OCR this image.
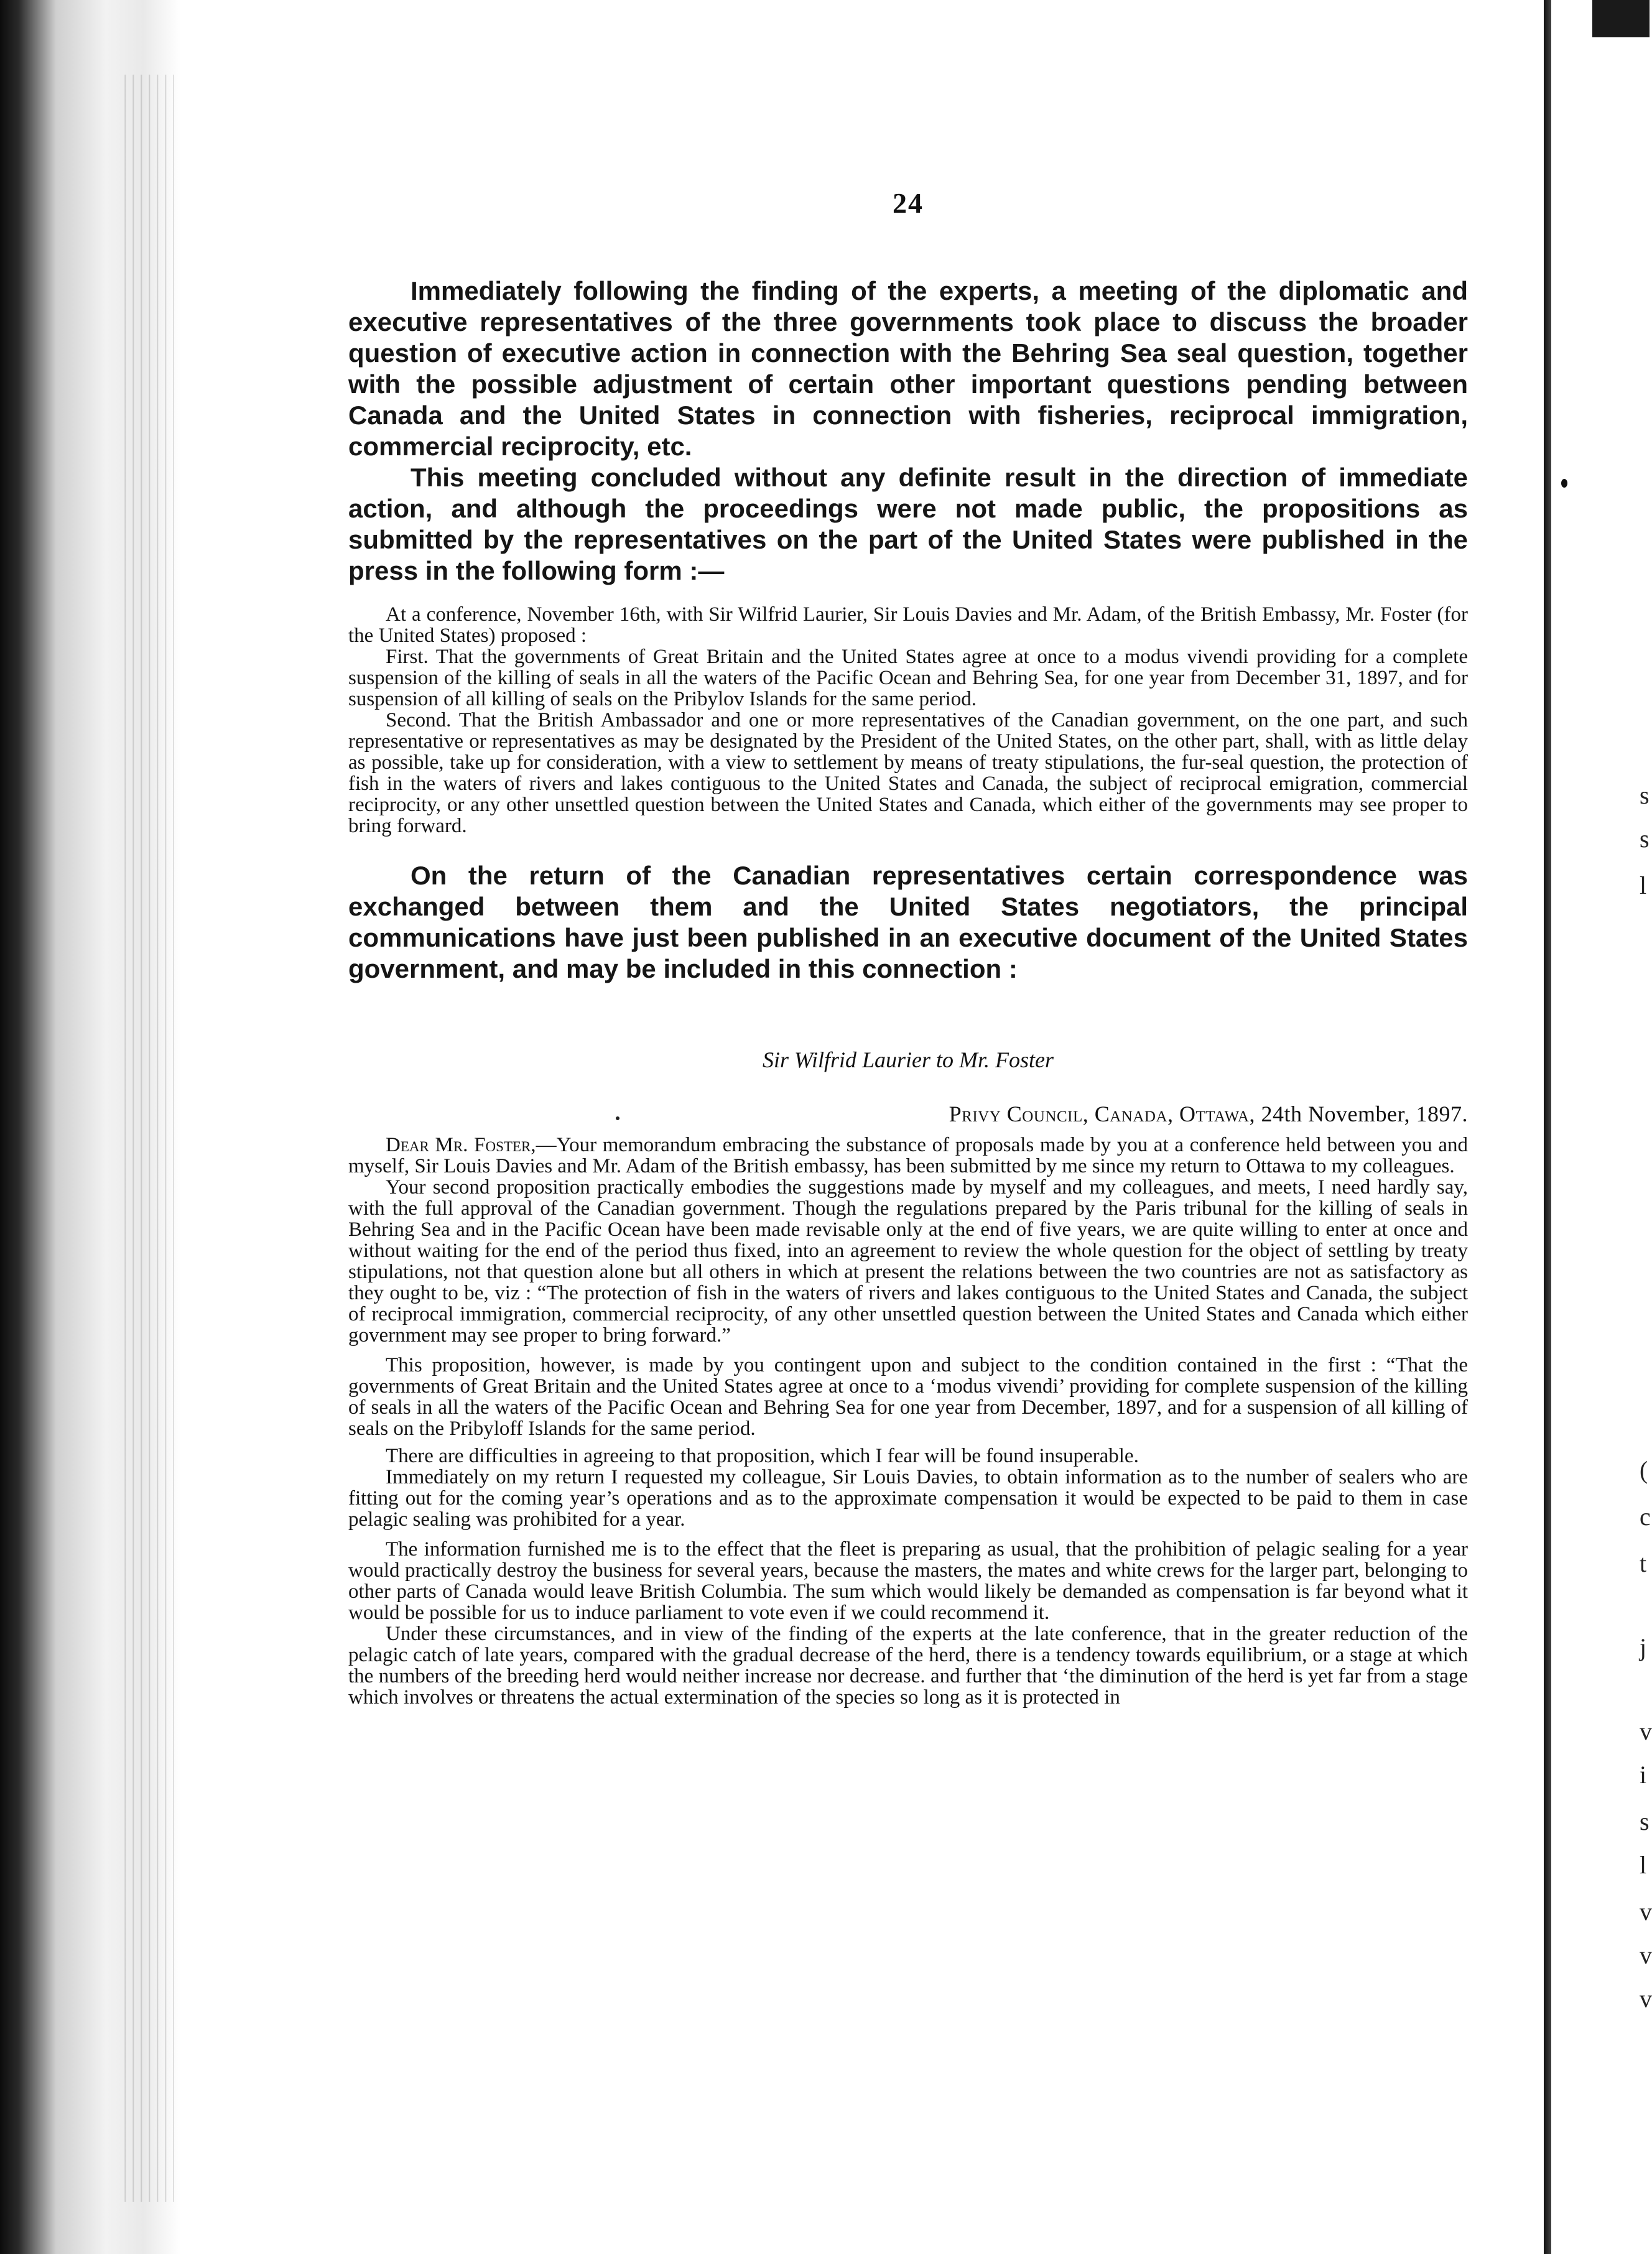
s
s
l
(
c
t
j
v
i
s
l
v
v
v
24

Immediately following the finding of the experts, a meeting of the diplomatic and executive representatives of the three governments took place to discuss the broader question of executive action in connection with the Behring Sea seal question, together with the possible adjustment of certain other important questions pending between Canada and the United States in connection with fisheries, reciprocal immigration, commercial reciprocity, etc.

This meeting concluded without any definite result in the direction of immediate action, and although the proceedings were not made public, the propositions as submitted by the representatives on the part of the United States were published in the press in the following form :—

At a conference, November 16th, with Sir Wilfrid Laurier, Sir Louis Davies and Mr. Adam, of the British Embassy, Mr. Foster (for the United States) proposed :

First. That the governments of Great Britain and the United States agree at once to a modus vivendi providing for a complete suspension of the killing of seals in all the waters of the Pacific Ocean and Behring Sea, for one year from December 31, 1897, and for suspension of all killing of seals on the Pribylov Islands for the same period.

Second. That the British Ambassador and one or more representatives of the Canadian government, on the one part, and such representative or representatives as may be designated by the President of the United States, on the other part, shall, with as little delay as possible, take up for consideration, with a view to settlement by means of treaty stipulations, the fur-seal question, the protection of fish in the waters of rivers and lakes contiguous to the United States and Canada, the subject of reciprocal emigration, commercial reciprocity, or any other unsettled question between the United States and Canada, which either of the governments may see proper to bring forward.

On the return of the Canadian representatives certain correspondence was exchanged between them and the United States negotiators, the principal communications have just been published in an executive document of the United States government, and may be included in this connection :

Sir Wilfrid Laurier to Mr. Foster
Privy Council, Canada, Ottawa, 24th November, 1897.

Dear Mr. Foster,—Your memorandum embracing the substance of proposals made by you at a conference held between you and myself, Sir Louis Davies and Mr. Adam of the British embassy, has been submitted by me since my return to Ottawa to my colleagues.

Your second proposition practically embodies the suggestions made by myself and my colleagues, and meets, I need hardly say, with the full approval of the Canadian government. Though the regulations prepared by the Paris tribunal for the killing of seals in Behring Sea and in the Pacific Ocean have been made revisable only at the end of five years, we are quite willing to enter at once and without waiting for the end of the period thus fixed, into an agreement to review the whole question for the object of settling by treaty stipulations, not that question alone but all others in which at present the relations between the two countries are not as satisfactory as they ought to be, viz : “The protection of fish in the waters of rivers and lakes contiguous to the United States and Canada, the subject of reciprocal immigration, commercial reciprocity, of any other unsettled question between the United States and Canada which either government may see proper to bring forward.”

This proposition, however, is made by you contingent upon and subject to the condition contained in the first : “That the governments of Great Britain and the United States agree at once to a ‘modus vivendi’ providing for complete suspension of the killing of seals in all the waters of the Pacific Ocean and Behring Sea for one year from December, 1897, and for a suspension of all killing of seals on the Pribyloff Islands for the same period.

There are difficulties in agreeing to that proposition, which I fear will be found insuperable.

Immediately on my return I requested my colleague, Sir Louis Davies, to obtain information as to the number of sealers who are fitting out for the coming year’s operations and as to the approximate compensation it would be expected to be paid to them in case pelagic sealing was prohibited for a year.

The information furnished me is to the effect that the fleet is preparing as usual, that the prohibition of pelagic sealing for a year would practically destroy the business for several years, because the masters, the mates and white crews for the larger part, belonging to other parts of Canada would leave British Columbia. The sum which would likely be demanded as compensation is far beyond what it would be possible for us to induce parliament to vote even if we could recommend it.

Under these circumstances, and in view of the finding of the experts at the late conference, that in the greater reduction of the pelagic catch of late years, compared with the gradual decrease of the herd, there is a tendency towards equilibrium, or a stage at which the numbers of the breeding herd would neither increase nor decrease. and further that ‘the diminution of the herd is yet far from a stage which involves or threatens the actual extermination of the species so long as it is protected in
